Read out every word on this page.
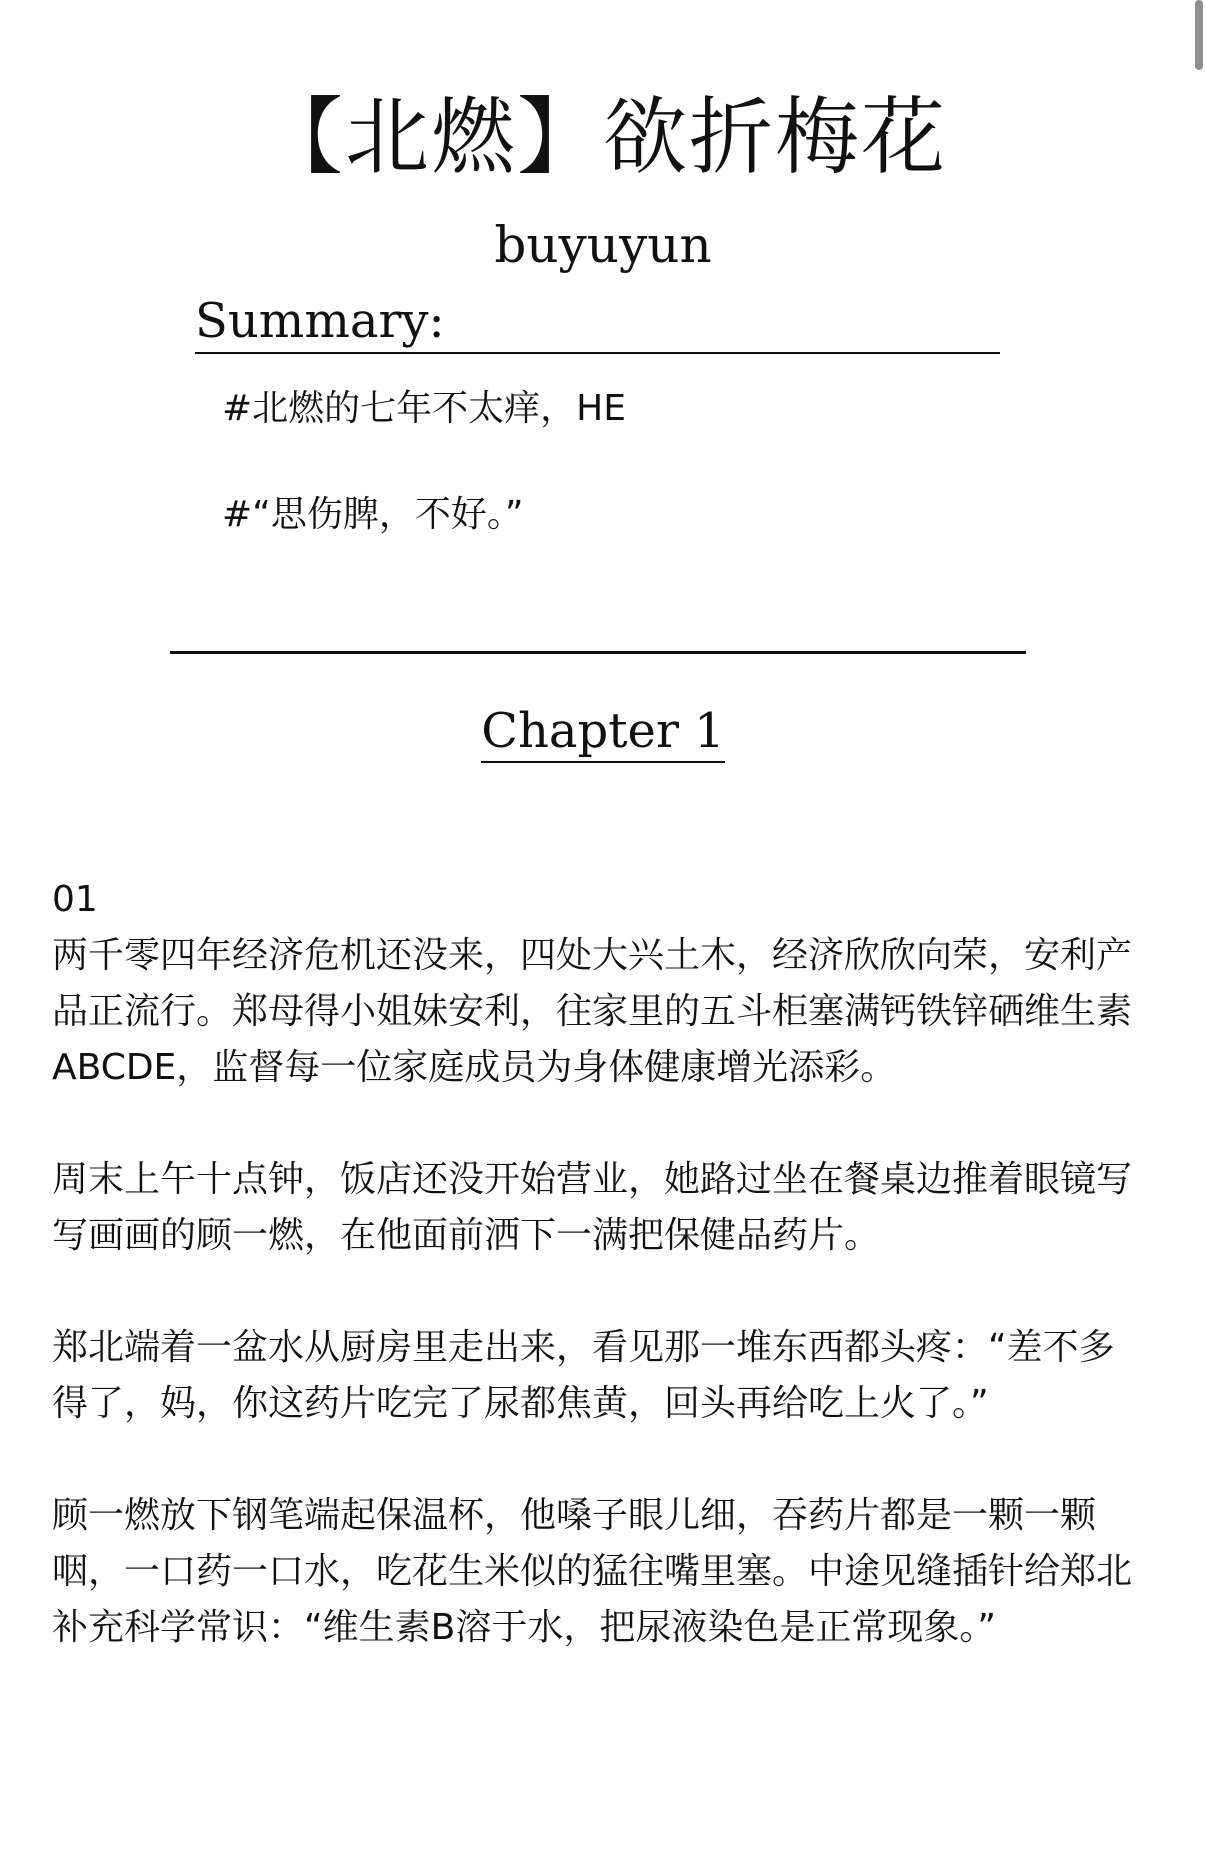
【北燃】欲折梅花
buyuyun
Summary:
#北燃的七年不太痒，HE
#“思伤脾，不好。”
Chapter 1

01

两千零四年经济危机还没来，四处大兴土木，经济欣欣向荣，安利产品正流行。郑母得小姐妹安利，往家里的五斗柜塞满钙铁锌硒维生素ABCDE，监督每一位家庭成员为身体健康增光添彩。

周末上午十点钟，饭店还没开始营业，她路过坐在餐桌边推着眼镜写写画画的顾一燃，在他面前洒下一满把保健品药片。

郑北端着一盆水从厨房里走出来，看见那一堆东西都头疼：“差不多得了，妈，你这药片吃完了尿都焦黄，回头再给吃上火了。”

顾一燃放下钢笔端起保温杯，他嗓子眼儿细，吞药片都是一颗一颗咽，一口药一口水，吃花生米似的猛往嘴里塞。中途见缝插针给郑北补充科学常识：“维生素B溶于水，把尿液染色是正常现象。”
